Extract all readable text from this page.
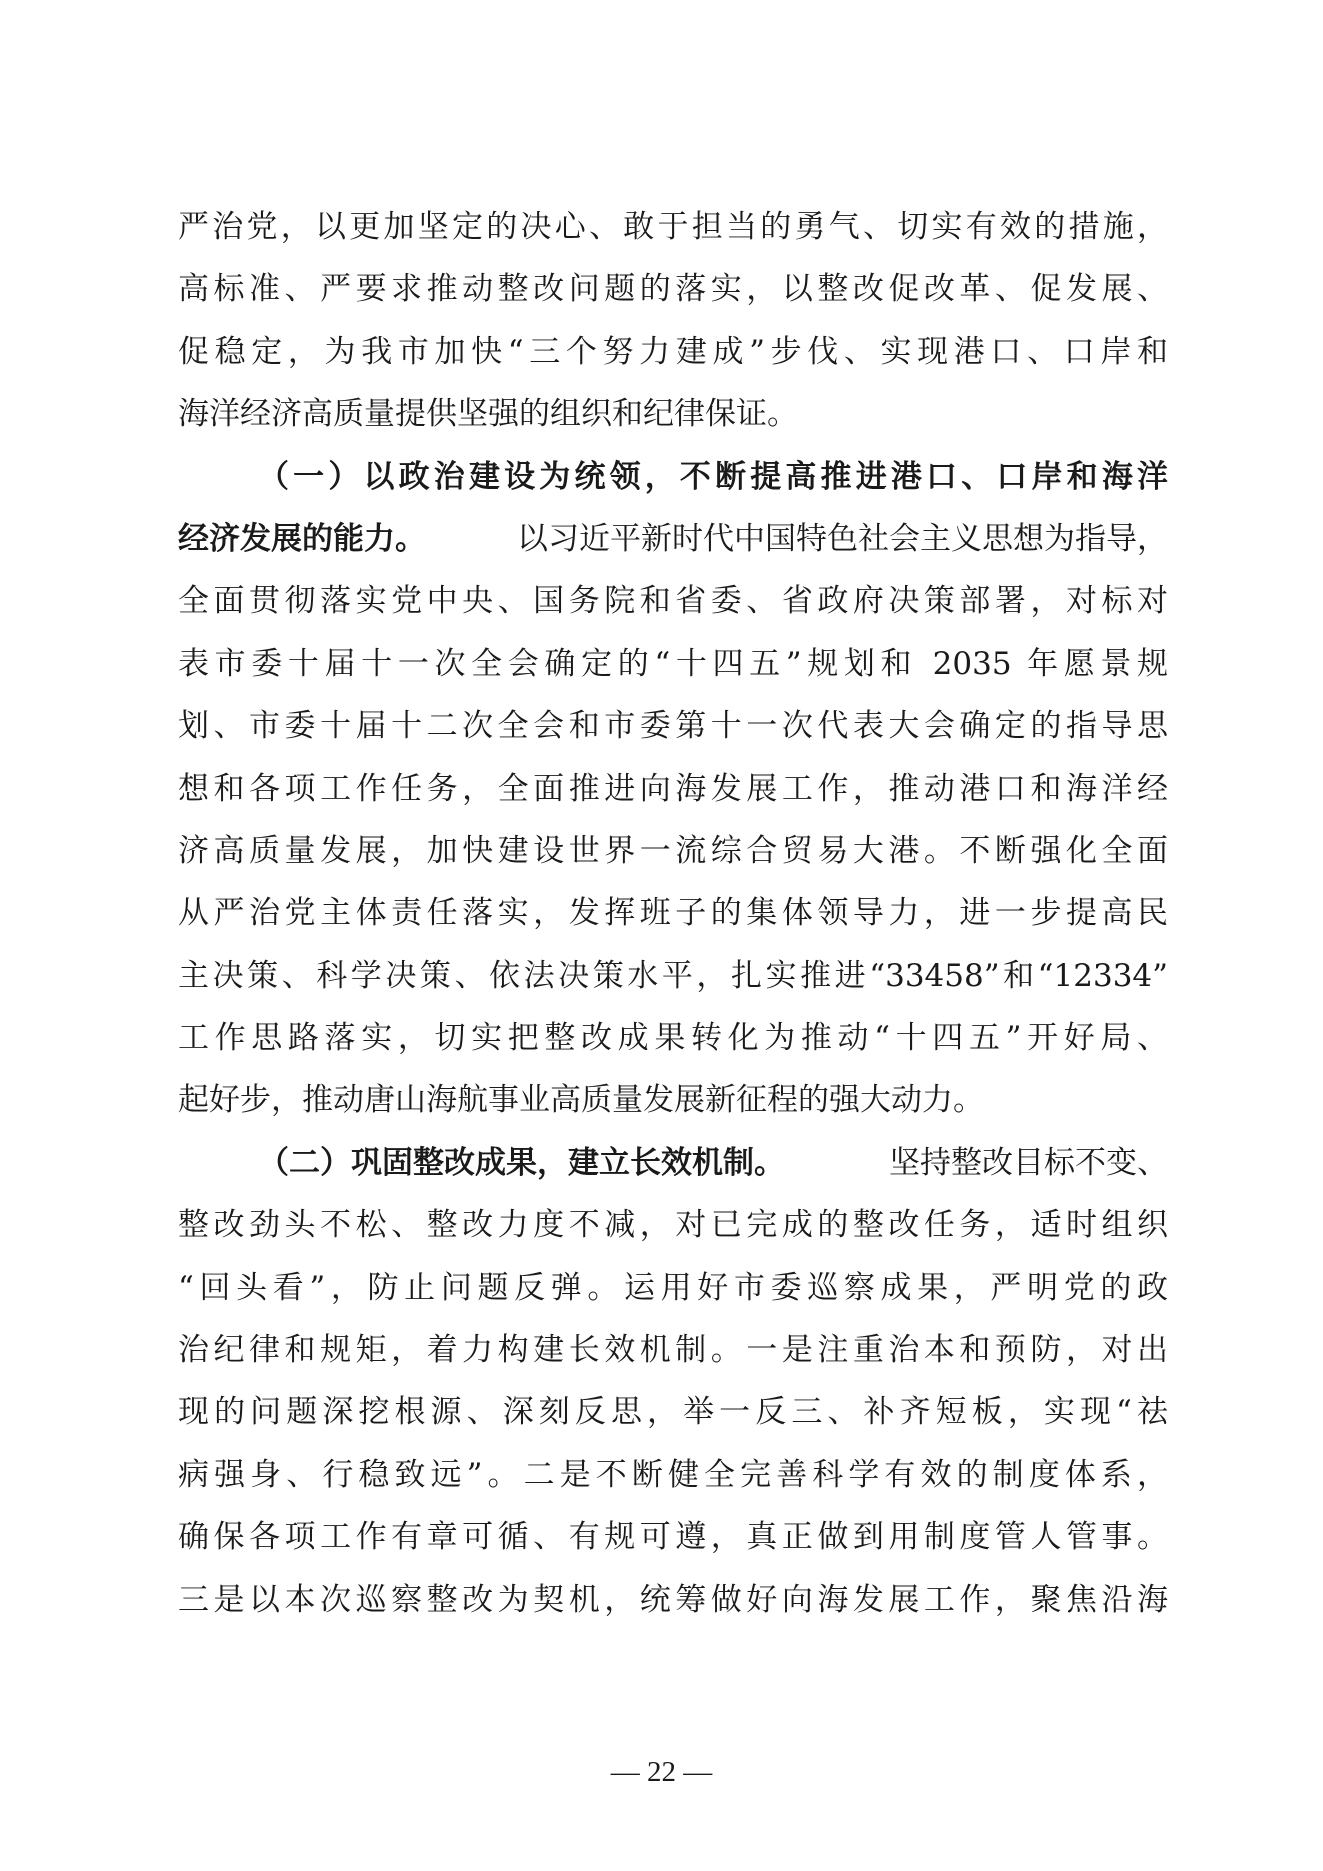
严治党，以更加坚定的决心、敢于担当的勇气、切实有效的措施，
高标准、严要求推动整改问题的落实，以整改促改革、促发展、
促稳定，为我市加快“三个努力建成”步伐、实现港口、口岸和
海洋经济高质量提供坚强的组织和纪律保证。
（一）以政治建设为统领，不断提高推进港口、口岸和海洋
经济发展的能力。	以习近平新时代中国特色社会主义思想为指导，
全面贯彻落实党中央、国务院和省委、省政府决策部署，对标对
表市委十届十一次全会确定的“十四五”规划和 2035 年愿景规
划、市委十届十二次全会和市委第十一次代表大会确定的指导思
想和各项工作任务，全面推进向海发展工作，推动港口和海洋经
济高质量发展，加快建设世界一流综合贸易大港。不断强化全面
从严治党主体责任落实，发挥班子的集体领导力，进一步提高民
主决策、科学决策、依法决策水平，扎实推进“33458”和“12334”
工作思路落实，切实把整改成果转化为推动“十四五”开好局、
起好步，推动唐山海航事业高质量发展新征程的强大动力。
（二）巩固整改成果，建立长效机制。	坚持整改目标不变、
整改劲头不松、整改力度不减，对已完成的整改任务，适时组织
“回头看”，防止问题反弹。运用好市委巡察成果，严明党的政
治纪律和规矩，着力构建长效机制。一是注重治本和预防，对出
现的问题深挖根源、深刻反思，举一反三、补齐短板，实现“祛
病强身、行稳致远”。二是不断健全完善科学有效的制度体系，
确保各项工作有章可循、有规可遵，真正做到用制度管人管事。
三是以本次巡察整改为契机，统筹做好向海发展工作，聚焦沿海
— 22 —
